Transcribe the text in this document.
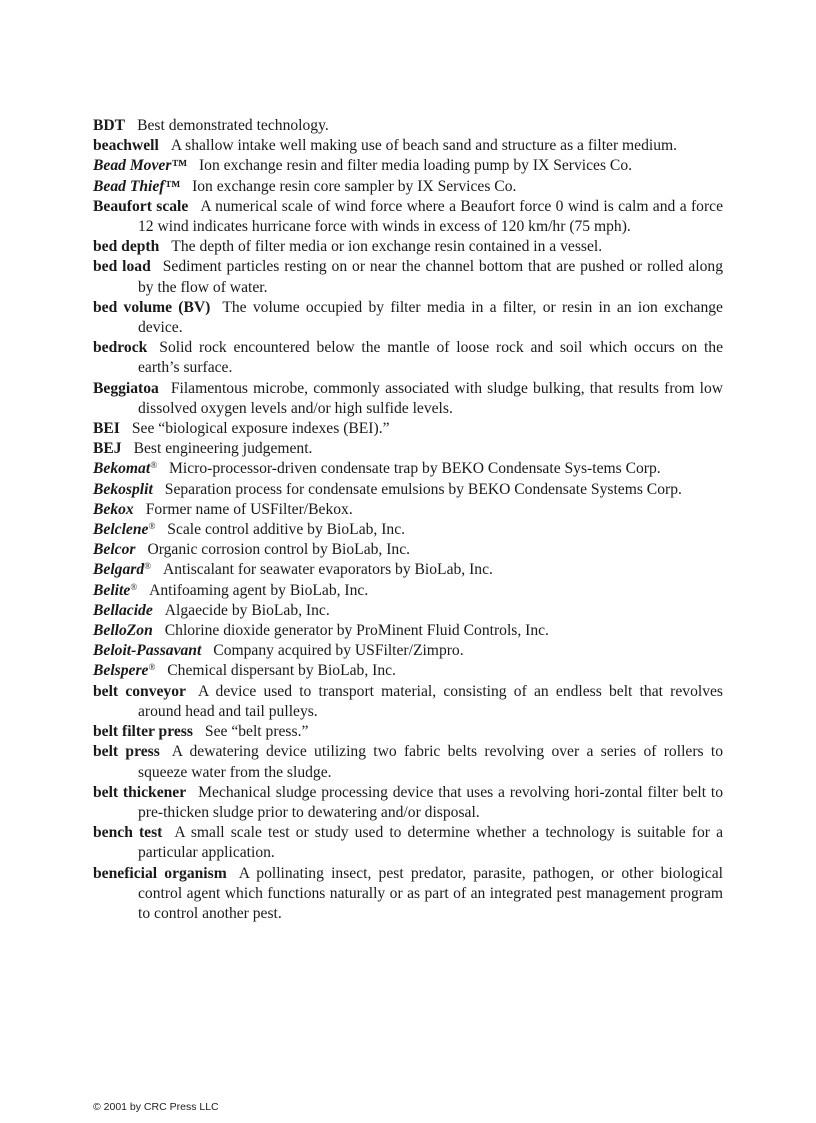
BDT Best demonstrated technology.

beachwell A shallow intake well making use of beach sand and structure as a filter medium.

Bead Mover™ Ion exchange resin and filter media loading pump by IX Services Co.

Bead Thief™ Ion exchange resin core sampler by IX Services Co.

Beaufort scale A numerical scale of wind force where a Beaufort force 0 wind is calm and a force 12 wind indicates hurricane force with winds in excess of 120 km/hr (75 mph).

bed depth The depth of filter media or ion exchange resin contained in a vessel.

bed load Sediment particles resting on or near the channel bottom that are pushed or rolled along by the flow of water.

bed volume (BV) The volume occupied by filter media in a filter, or resin in an ion exchange device.

bedrock Solid rock encountered below the mantle of loose rock and soil which occurs on the earth’s surface.

Beggiatoa Filamentous microbe, commonly associated with sludge bulking, that results from low dissolved oxygen levels and/or high sulfide levels.

BEI See “biological exposure indexes (BEI).”

BEJ Best engineering judgement.

Bekomat® Micro-processor-driven condensate trap by BEKO Condensate Sys-tems Corp.

Bekosplit Separation process for condensate emulsions by BEKO Condensate Systems Corp.

Bekox Former name of USFilter/Bekox.

Belclene® Scale control additive by BioLab, Inc.

Belcor Organic corrosion control by BioLab, Inc.

Belgard® Antiscalant for seawater evaporators by BioLab, Inc.

Belite® Antifoaming agent by BioLab, Inc.

Bellacide Algaecide by BioLab, Inc.

BelloZon Chlorine dioxide generator by ProMinent Fluid Controls, Inc.

Beloit-Passavant Company acquired by USFilter/Zimpro.

Belspere® Chemical dispersant by BioLab, Inc.

belt conveyor A device used to transport material, consisting of an endless belt that revolves around head and tail pulleys.

belt filter press See “belt press.”

belt press A dewatering device utilizing two fabric belts revolving over a series of rollers to squeeze water from the sludge.

belt thickener Mechanical sludge processing device that uses a revolving hori-zontal filter belt to pre-thicken sludge prior to dewatering and/or disposal.

bench test A small scale test or study used to determine whether a technology is suitable for a particular application.

beneficial organism A pollinating insect, pest predator, parasite, pathogen, or other biological control agent which functions naturally or as part of an integrated pest management program to control another pest.

© 2001 by CRC Press LLC
